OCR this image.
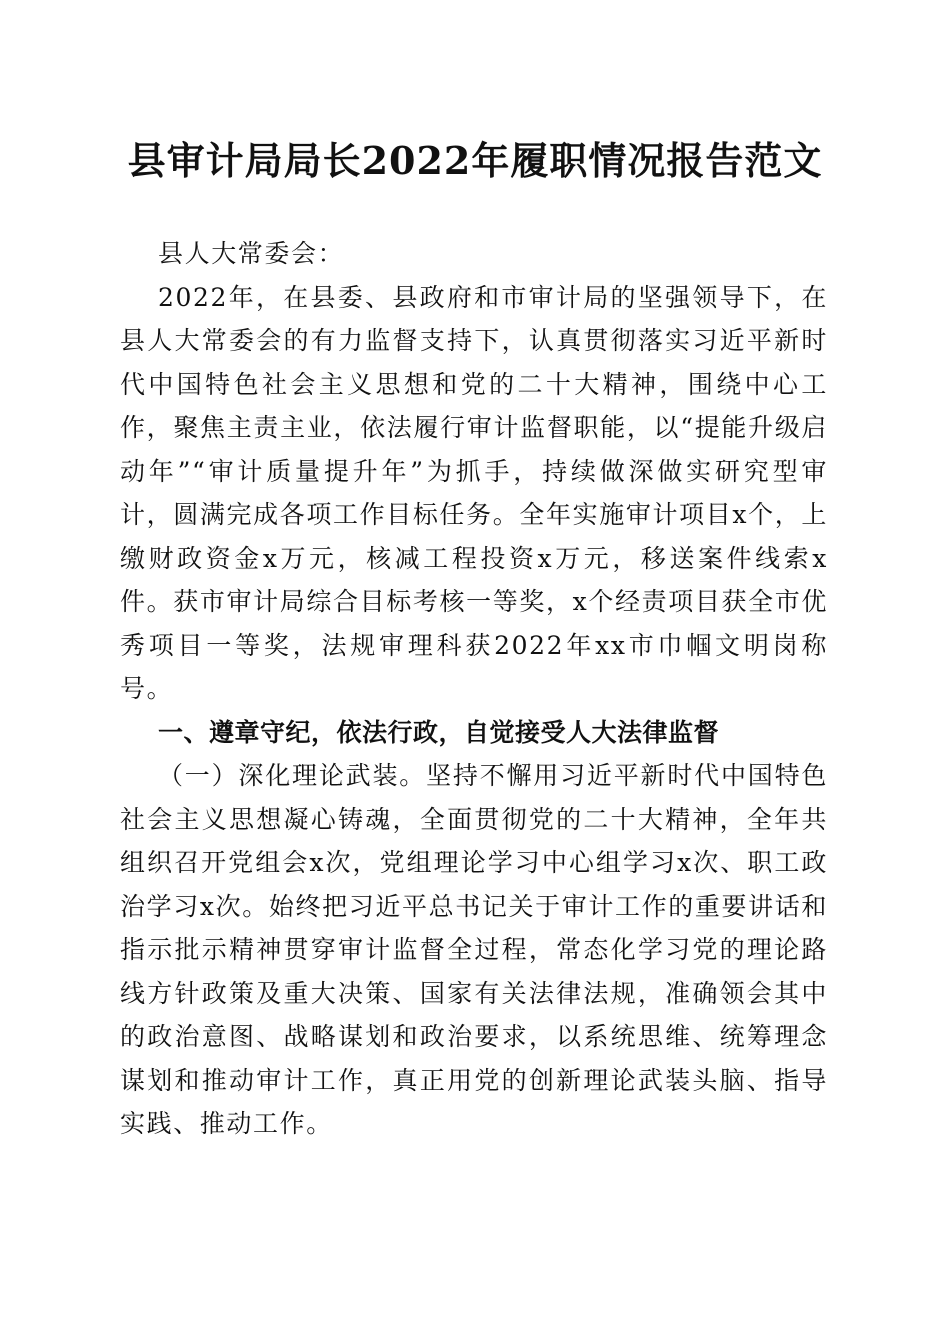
县审计局局长2022年履职情况报告范文

县人大常委会：

2022年，在县委、县政府和市审计局的坚强领导下，在县人大常委会的有力监督支持下，认真贯彻落实习近平新时代中国特色社会主义思想和党的二十大精神，围绕中心工作，聚焦主责主业，依法履行审计监督职能，以“提能升级启动年”“审计质量提升年”为抓手，持续做深做实研究型审计，圆满完成各项工作目标任务。全年实施审计项目x个，上缴财政资金x万元，核减工程投资x万元，移送案件线索x件。获市审计局综合目标考核一等奖，x个经责项目获全市优秀项目一等奖，法规审理科获2022年xx市巾帼文明岗称号。

一、遵章守纪，依法行政，自觉接受人大法律监督

（一）深化理论武装。坚持不懈用习近平新时代中国特色社会主义思想凝心铸魂，全面贯彻党的二十大精神，全年共组织召开党组会x次，党组理论学习中心组学习x次、职工政治学习x次。始终把习近平总书记关于审计工作的重要讲话和指示批示精神贯穿审计监督全过程，常态化学习党的理论路线方针政策及重大决策、国家有关法律法规，准确领会其中的政治意图、战略谋划和政治要求，以系统思维、统筹理念谋划和推动审计工作，真正用党的创新理论武装头脑、指导实践、推动工作。
